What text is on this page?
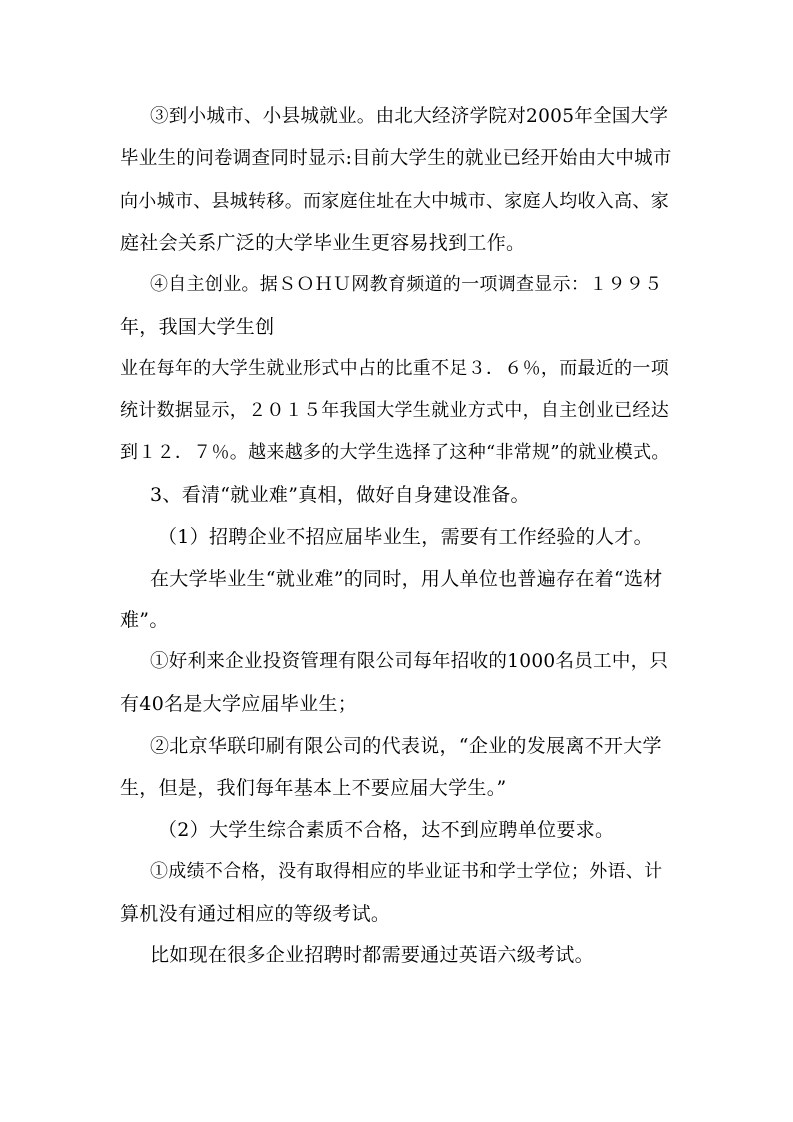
③到小城市、小县城就业。由北大经济学院对2005年全国大学

毕业生的问卷调查同时显示:目前大学生的就业已经开始由大中城市

向小城市、县城转移。而家庭住址在大中城市、家庭人均收入高、家

庭社会关系广泛的大学毕业生更容易找到工作。

④自主创业。据ＳＯＨＵ网教育频道的一项调查显示：１９９５

年，我国大学生创

业在每年的大学生就业形式中占的比重不足３．６％，而最近的一项

统计数据显示，２０１５年我国大学生就业方式中，自主创业已经达

到１２．７％。越来越多的大学生选择了这种“非常规”的就业模式。

3、看清“就业难”真相，做好自身建设准备。

（1）招聘企业不招应届毕业生，需要有工作经验的人才。

在大学毕业生“就业难”的同时，用人单位也普遍存在着“选材

难”。

①好利来企业投资管理有限公司每年招收的1000名员工中，只

有40名是大学应届毕业生；

②北京华联印刷有限公司的代表说，“企业的发展离不开大学

生，但是，我们每年基本上不要应届大学生。”

（2）大学生综合素质不合格，达不到应聘单位要求。

①成绩不合格，没有取得相应的毕业证书和学士学位；外语、计

算机没有通过相应的等级考试。

比如现在很多企业招聘时都需要通过英语六级考试。
